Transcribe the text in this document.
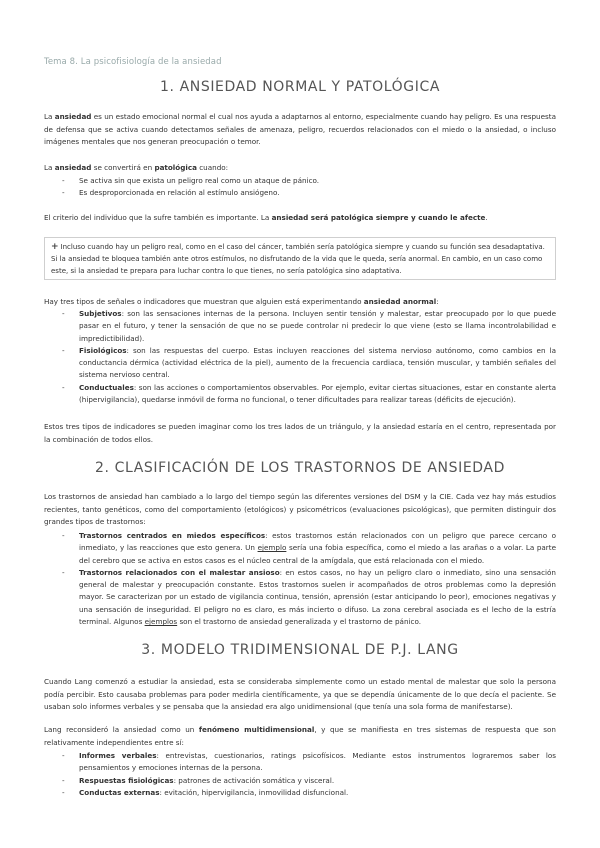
Tema 8. La psicofisiología de la ansiedad
1. ANSIEDAD NORMAL Y PATOLÓGICA
La ansiedad es un estado emocional normal el cual nos ayuda a adaptarnos al entorno, especialmente cuando hay peligro. Es una respuesta de defensa que se activa cuando detectamos señales de amenaza, peligro, recuerdos relacionados con el miedo o la ansiedad, o incluso imágenes mentales que nos generan preocupación o temor.
La ansiedad se convertirá en patológica cuando:
- Se activa sin que exista un peligro real como un ataque de pánico.
- Es desproporcionada en relación al estímulo ansiógeno.
El criterio del individuo que la sufre también es importante. La ansiedad será patológica siempre y cuando le afecte.
+ Incluso cuando hay un peligro real, como en el caso del cáncer, también sería patológica siempre y cuando su función sea desadaptativa. Si la ansiedad te bloquea también ante otros estímulos, no disfrutando de la vida que le queda, sería anormal. En cambio, en un caso como este, si la ansiedad te prepara para luchar contra lo que tienes, no sería patológica sino adaptativa.
Hay tres tipos de señales o indicadores que muestran que alguien está experimentando ansiedad anormal:
- Subjetivos: son las sensaciones internas de la persona. Incluyen sentir tensión y malestar, estar preocupado por lo que puede pasar en el futuro, y tener la sensación de que no se puede controlar ni predecir lo que viene (esto se llama incontrolabilidad e impredictibilidad).
- Fisiológicos: son las respuestas del cuerpo. Estas incluyen reacciones del sistema nervioso autónomo, como cambios en la conductancia dérmica (actividad eléctrica de la piel), aumento de la frecuencia cardiaca, tensión muscular, y también señales del sistema nervioso central.
- Conductuales: son las acciones o comportamientos observables. Por ejemplo, evitar ciertas situaciones, estar en constante alerta (hipervigilancia), quedarse inmóvil de forma no funcional, o tener dificultades para realizar tareas (déficits de ejecución).
Estos tres tipos de indicadores se pueden imaginar como los tres lados de un triángulo, y la ansiedad estaría en el centro, representada por la combinación de todos ellos.
2. CLASIFICACIÓN DE LOS TRASTORNOS DE ANSIEDAD
Los trastornos de ansiedad han cambiado a lo largo del tiempo según las diferentes versiones del DSM y la CIE. Cada vez hay más estudios recientes, tanto genéticos, como del comportamiento (etológicos) y psicométricos (evaluaciones psicológicas), que permiten distinguir dos grandes tipos de trastornos:
- Trastornos centrados en miedos específicos: estos trastornos están relacionados con un peligro que parece cercano o inmediato, y las reacciones que esto genera. Un ejemplo sería una fobia específica, como el miedo a las arañas o a volar. La parte del cerebro que se activa en estos casos es el núcleo central de la amígdala, que está relacionada con el miedo.
- Trastornos relacionados con el malestar ansioso: en estos casos, no hay un peligro claro o inmediato, sino una sensación general de malestar y preocupación constante. Estos trastornos suelen ir acompañados de otros problemas como la depresión mayor. Se caracterizan por un estado de vigilancia continua, tensión, aprensión (estar anticipando lo peor), emociones negativas y una sensación de inseguridad. El peligro no es claro, es más incierto o difuso. La zona cerebral asociada es el lecho de la estría terminal. Algunos ejemplos son el trastorno de ansiedad generalizada y el trastorno de pánico.
3. MODELO TRIDIMENSIONAL DE P.J. LANG
Cuando Lang comenzó a estudiar la ansiedad, esta se consideraba simplemente como un estado mental de malestar que solo la persona podía percibir. Esto causaba problemas para poder medirla científicamente, ya que se dependía únicamente de lo que decía el paciente. Se usaban solo informes verbales y se pensaba que la ansiedad era algo unidimensional (que tenía una sola forma de manifestarse).
Lang reconsideró la ansiedad como un fenómeno multidimensional, y que se manifiesta en tres sistemas de respuesta que son relativamente independientes entre sí:
- Informes verbales: entrevistas, cuestionarios, ratings psicofísicos. Mediante estos instrumentos lograremos saber los pensamientos y emociones internas de la persona.
- Respuestas fisiológicas: patrones de activación somática y visceral.
- Conductas externas: evitación, hipervigilancia, inmovilidad disfuncional.
